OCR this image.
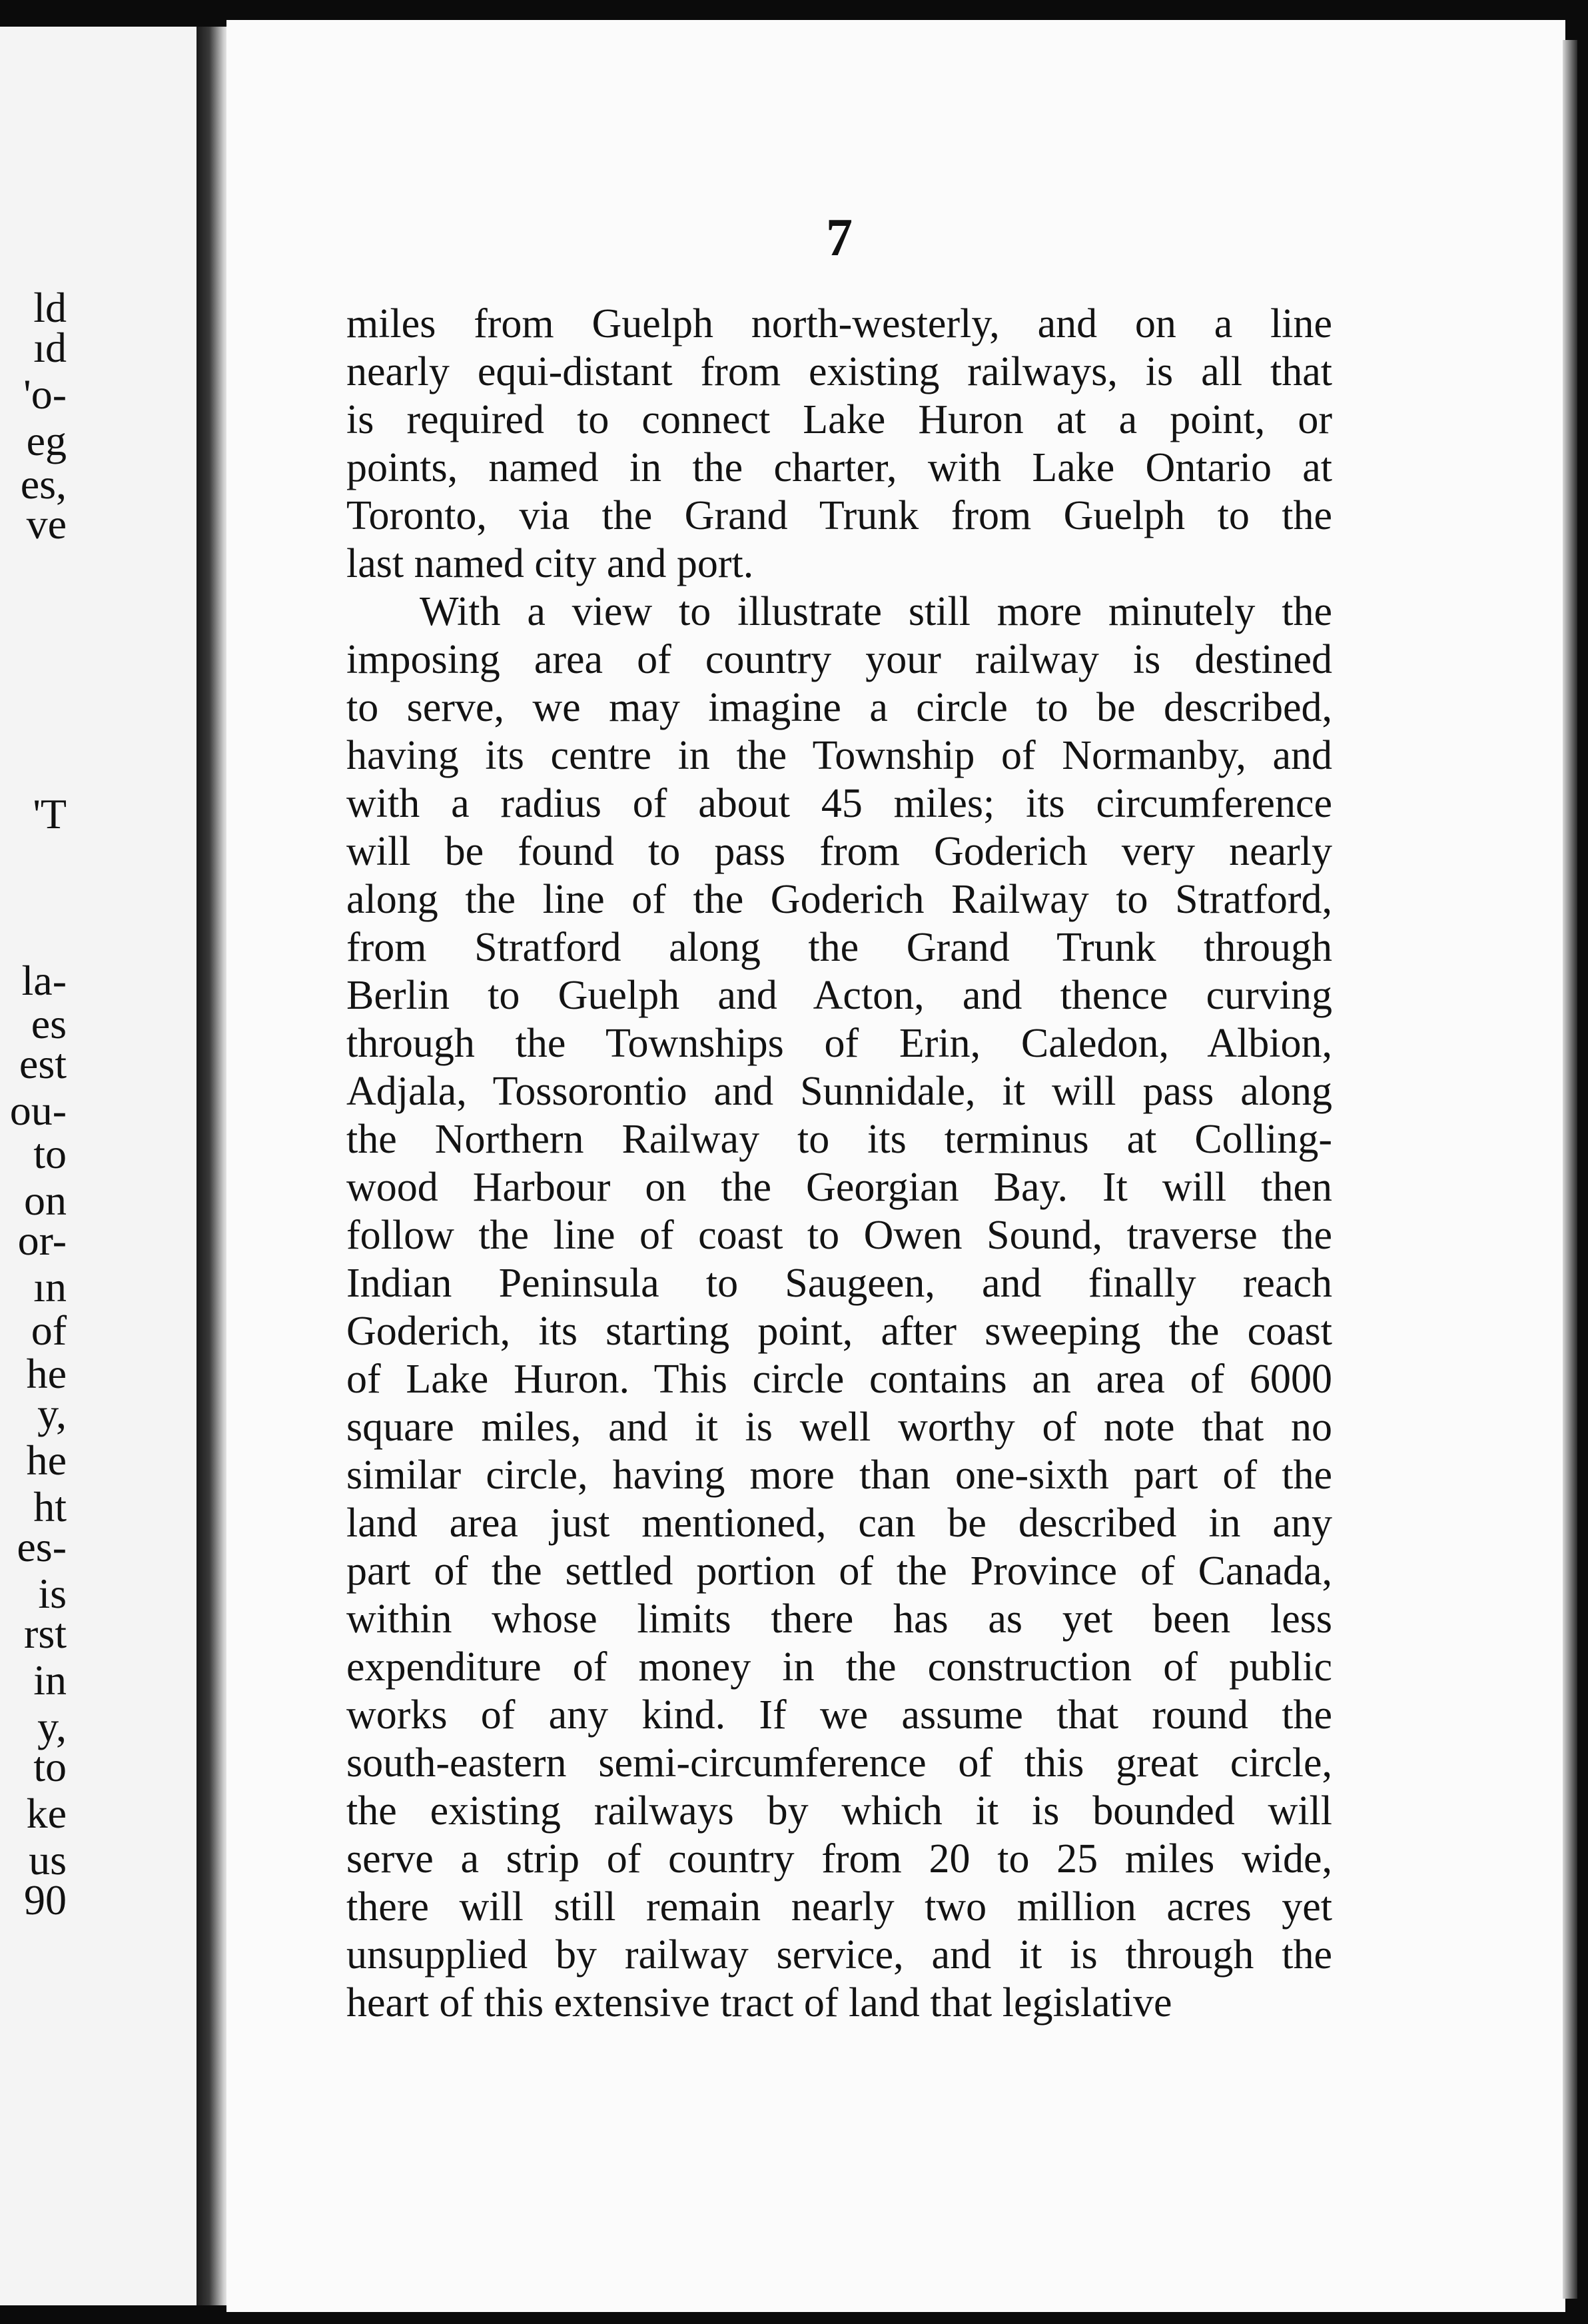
ld
ıd
'o-
eg
es,
ve
'T
la-
es
est
ou-
to
on
or-
ın
of
he
y,
he
ht
es-
is
rst
in
y,
to
ke
us
90
7
miles from Guelph north-westerly, and on a line
nearly equi-distant from existing railways, is all that
is required to connect Lake Huron at a point, or
points, named in the charter, with Lake Ontario at
Toronto, via the Grand Trunk from Guelph to the
last named city and port.
With a view to illustrate still more minutely the
imposing area of country your railway is destined
to serve, we may imagine a circle to be described,
having its centre in the Township of Normanby, and
with a radius of about 45 miles; its circumference
will be found to pass from Goderich very nearly
along the line of the Goderich Railway to Stratford,
from Stratford along the Grand Trunk through
Berlin to Guelph and Acton, and thence curving
through the Townships of Erin, Caledon, Albion,
Adjala, Tossorontio and Sunnidale, it will pass along
the Northern Railway to its terminus at Colling-
wood Harbour on the Georgian Bay. It will then
follow the line of coast to Owen Sound, traverse the
Indian Peninsula to Saugeen, and finally reach
Goderich, its starting point, after sweeping the coast
of Lake Huron. This circle contains an area of 6000
square miles, and it is well worthy of note that no
similar circle, having more than one-sixth part of the
land area just mentioned, can be described in any
part of the settled portion of the Province of Canada,
within whose limits there has as yet been less
expenditure of money in the construction of public
works of any kind. If we assume that round the
south-eastern semi-circumference of this great circle,
the existing railways by which it is bounded will
serve a strip of country from 20 to 25 miles wide,
there will still remain nearly two million acres yet
unsupplied by railway service, and it is through the
heart of this extensive tract of land that legislative
